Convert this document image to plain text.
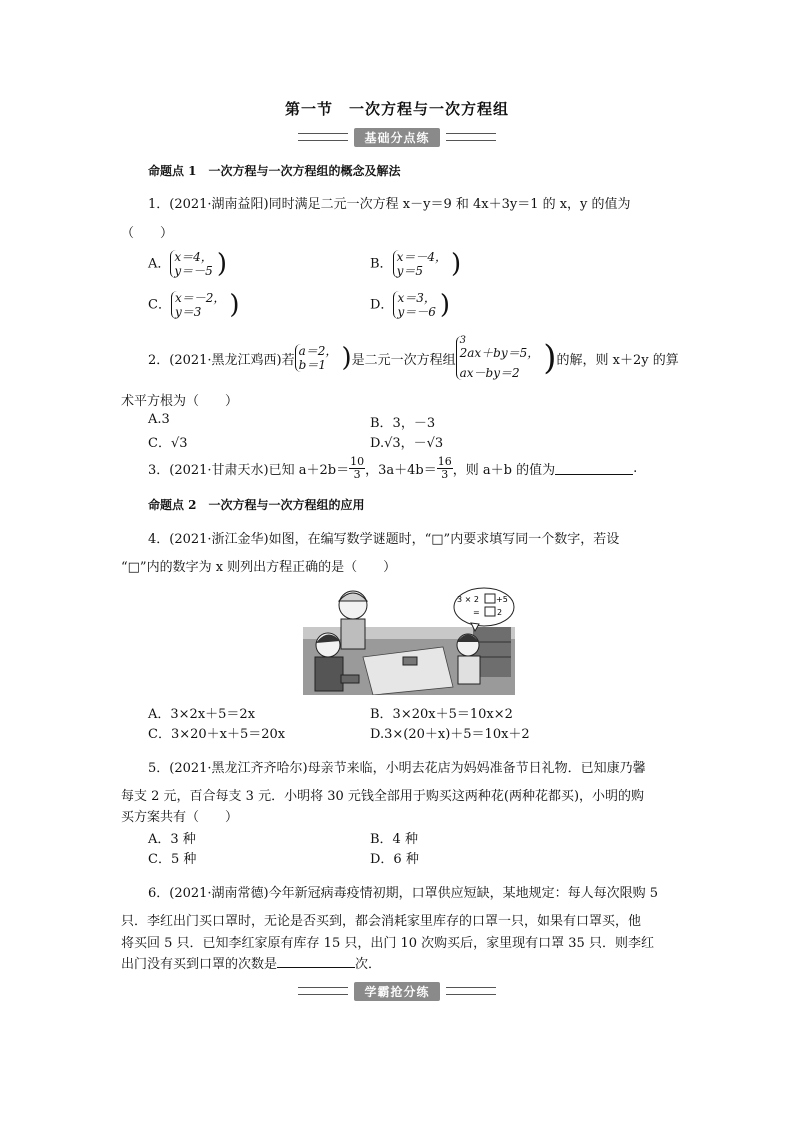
第一节　一次方程与一次方程组
基础分点练
命题点 1　一次方程与一次方程组的概念及解法
1．(2021·湖南益阳)同时满足二元一次方程 x－y＝9 和 4x＋3y＝1 的 x，y 的值为
（　　）
A． x＝4，
y＝－5 )	B． x＝－4，
y＝5	)
C． x＝－2，
y＝3	)	D． x＝3，
y＝－6 )
2．(2021·黑龙江鸡西)若
a＝2，
b＝1 ) 是二元一次方程组
3
2ax＋by＝5，
ax－by＝2 ) 的解，则 x＋2y 的算
术平方根为（　　）
A.3	B．3，－3
C．√3	D.√3，－√3
3．(2021·甘肃天水)已知 $a+2b= \frac{10}{3}$ ，$3a+4b= \frac{16}{3}$ ，则 a＋b 的值为	.
命题点 2　一次方程与一次方程组的应用
4．(2021·浙江金华)如图，在编写数学谜题时，“□”内要求填写同一个数字，若设
“□”内的数字为 x 则列出方程正确的是（　　）
3 × 2 +5
= 2
A．3×2x＋5＝2x	B．3×20x＋5＝10x×2
C．3×20＋x＋5＝20x	D.3×(20＋x)＋5＝10x＋2
5．(2021·黑龙江齐齐哈尔)母亲节来临，小明去花店为妈妈准备节日礼物．已知康乃馨
每支 2 元，百合每支 3 元．小明将 30 元钱全部用于购买这两种花(两种花都买)，小明的购
买方案共有（　　）
A．3 种	B．4 种
C．5 种	D．6 种
6．(2021·湖南常德)今年新冠病毒疫情初期，口罩供应短缺，某地规定：每人每次限购 5
只．李红出门买口罩时，无论是否买到，都会消耗家里库存的口罩一只，如果有口罩买，他
将买回 5 只．已知李红家原有库存 15 只，出门 10 次购买后，家里现有口罩 35 只．则李红
出门没有买到口罩的次数是	次．
学霸抢分练
